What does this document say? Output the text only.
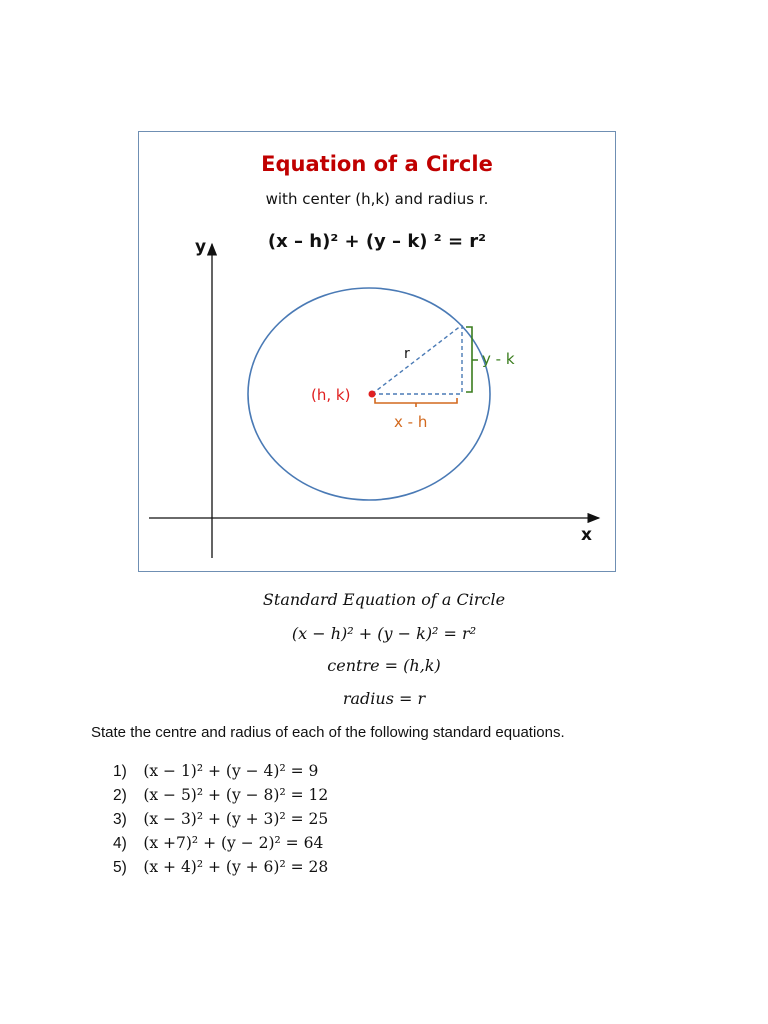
Equation of a Circle
with center (h,k) and radius r.
(x – h)² + (y – k) ² = r²
y
x
r
(h, k)
x - h
y - k
Standard Equation of a Circle
(x − h)² + (y − k)² = r²
centre = (h,k)
radius = r
State the centre and radius of each of the following standard equations.
1) (x − 1)² + (y − 4)² = 9
2) (x − 5)² + (y − 8)² = 12
3) (x − 3)² + (y + 3)² = 25
4) (x +7)² + (y − 2)² = 64
5) (x + 4)² + (y + 6)² = 28
